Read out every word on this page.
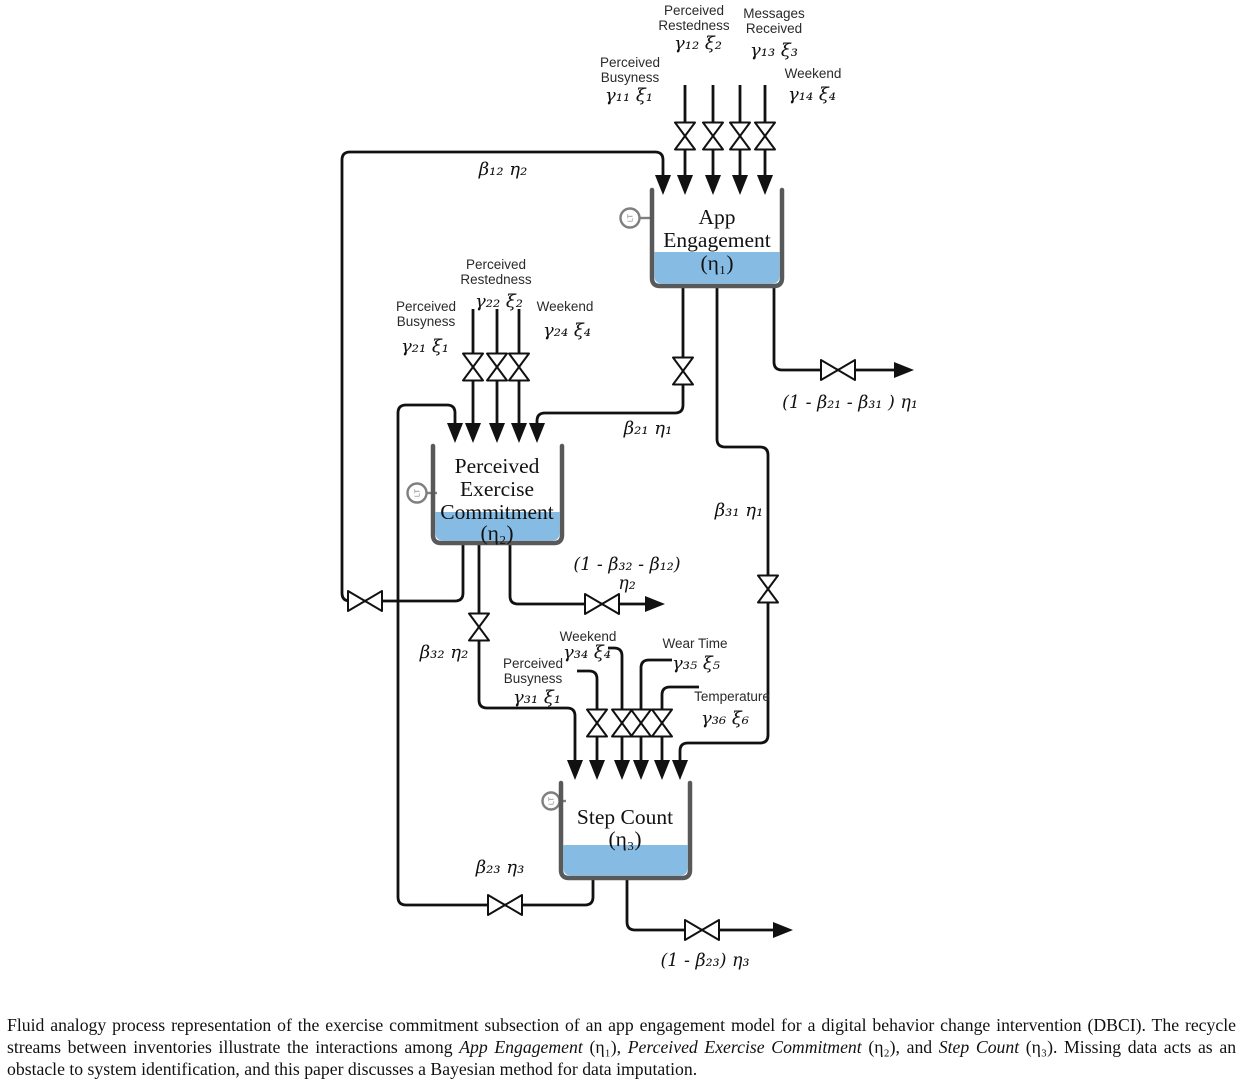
LT
LT
LT
App
Engagement
(η₁)
Perceived
Exercise
Commitment
(η₂)
Step Count
(η₃)
Perceived
Busyness
γ₁₁ ξ₁
Perceived
Restedness
γ₁₂ ξ₂
Messages
Received
γ₁₃ ξ₃
Weekend
γ₁₄ ξ₄
Perceived
Busyness
γ₂₁ ξ₁
Perceived
Restedness
γ₂₂ ξ₂ Weekend
γ₂₄ ξ₄
Perceived
Busyness
γ₃₁ ξ₁
Weekend
γ₃₄ ξ₄	Wear Time
γ₃₅ ξ₅
Temperature
γ₃₆ ξ₆
β₁₂ η₂
β₂₁ η₁
β₃₁ η₁
β₃₂ η₂
β₂₃ η₃
(1 - β₂₁ - β₃₁ ) η₁
(1 - β₃₂ - β₁₂)
η₂
(1 - β₂₃) η₃
Fluid analogy process representation of the exercise commitment subsection of an app engagement model for a digital behavior change intervention (DBCI). The recycle streams between inventories illustrate the interactions among App Engagement (η₁), Perceived Exercise Commitment (η₂), and Step Count (η₃). Missing data acts as an obstacle to system identification, and this paper discusses a Bayesian method for data imputation.
